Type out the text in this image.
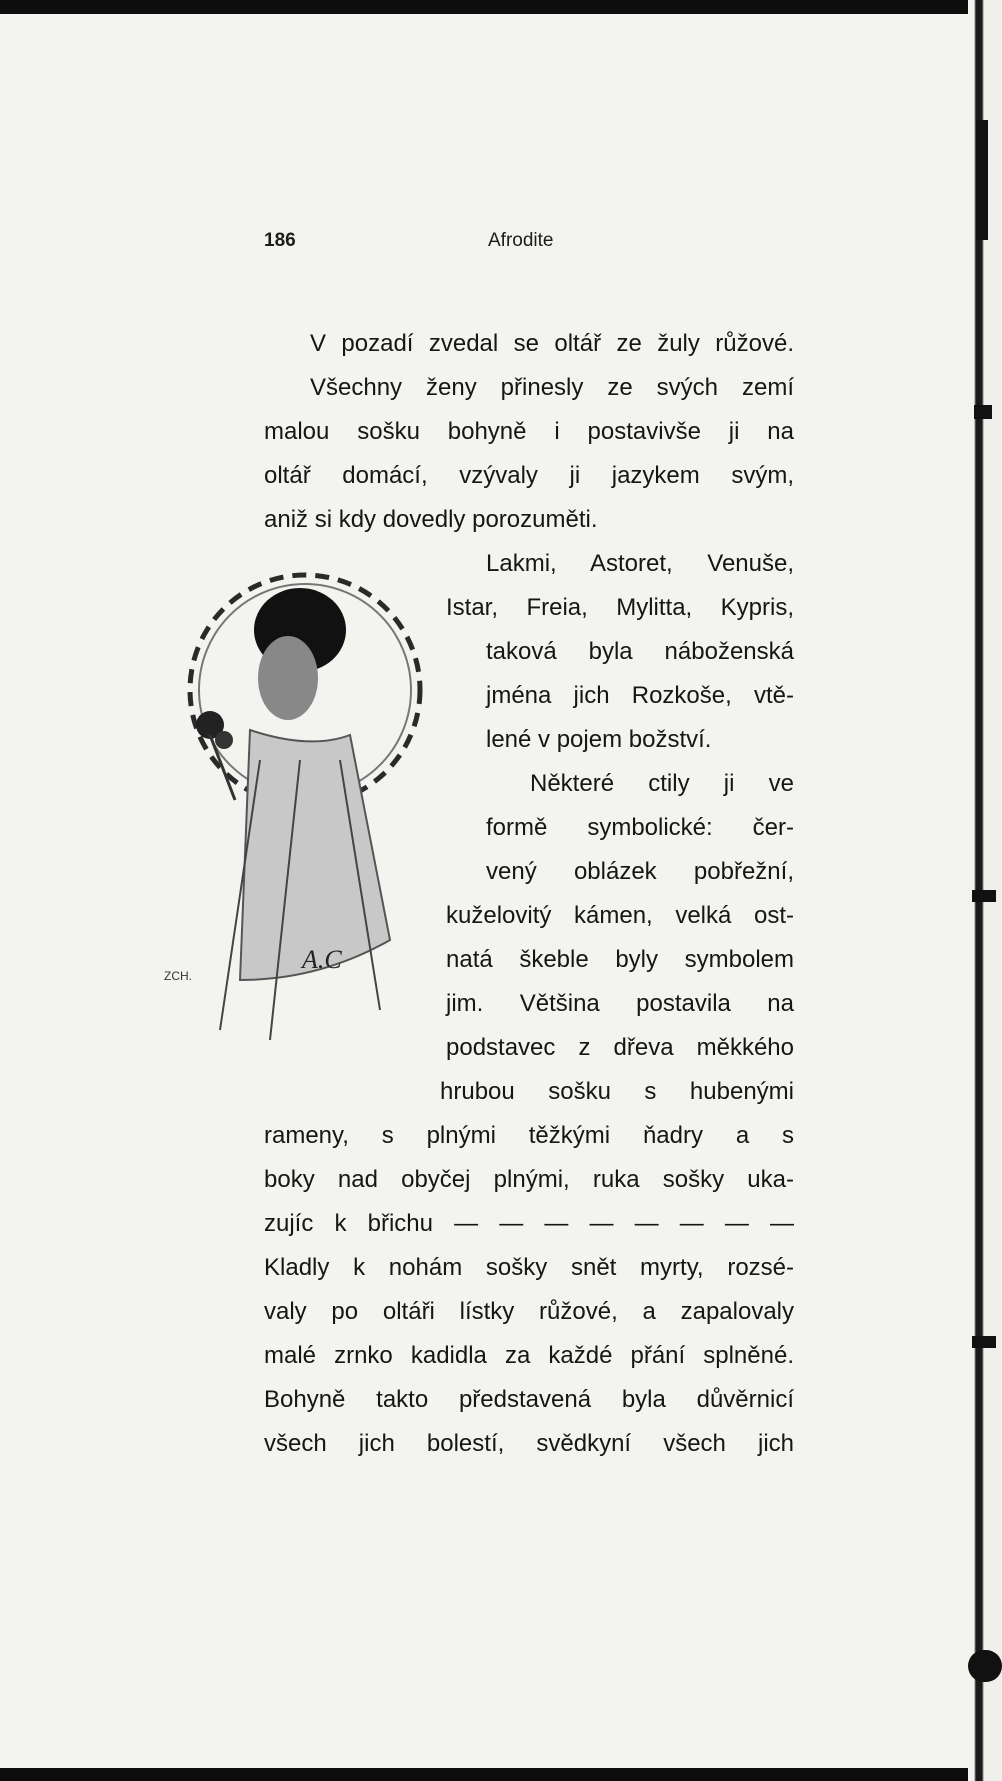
186	Afrodite
A.C
ZCH.
V pozadí zvedal se oltář ze žuly růžové.
Všechny ženy přinesly ze svých zemí
malou sošku bohyně i postavivše ji na
oltář domácí, vzývaly ji jazykem svým,
aniž si kdy dovedly porozuměti.
Lakmi, Astoret, Venuše,
Istar, Freia, Mylitta, Kypris,
taková byla náboženská
jména jich Rozkoše, vtě-
lené v pojem božství.
Některé ctily ji ve
formě symbolické: čer-
vený oblázek pobřežní,
kuželovitý kámen, velká ost-
natá škeble byly symbolem
jim. Většina postavila na
podstavec z dřeva měkkého
hrubou sošku s hubenými
rameny, s plnými těžkými ňadry a s
boky nad obyčej plnými, ruka sošky uka-
zujíc k břichu — — — — — — — —
Kladly k nohám sošky snět myrty, rozsé-
valy po oltáři lístky růžové, a zapalovaly
malé zrnko kadidla za každé přání splněné.
Bohyně takto představená byla důvěrnicí
všech jich bolestí, svědkyní všech jich
